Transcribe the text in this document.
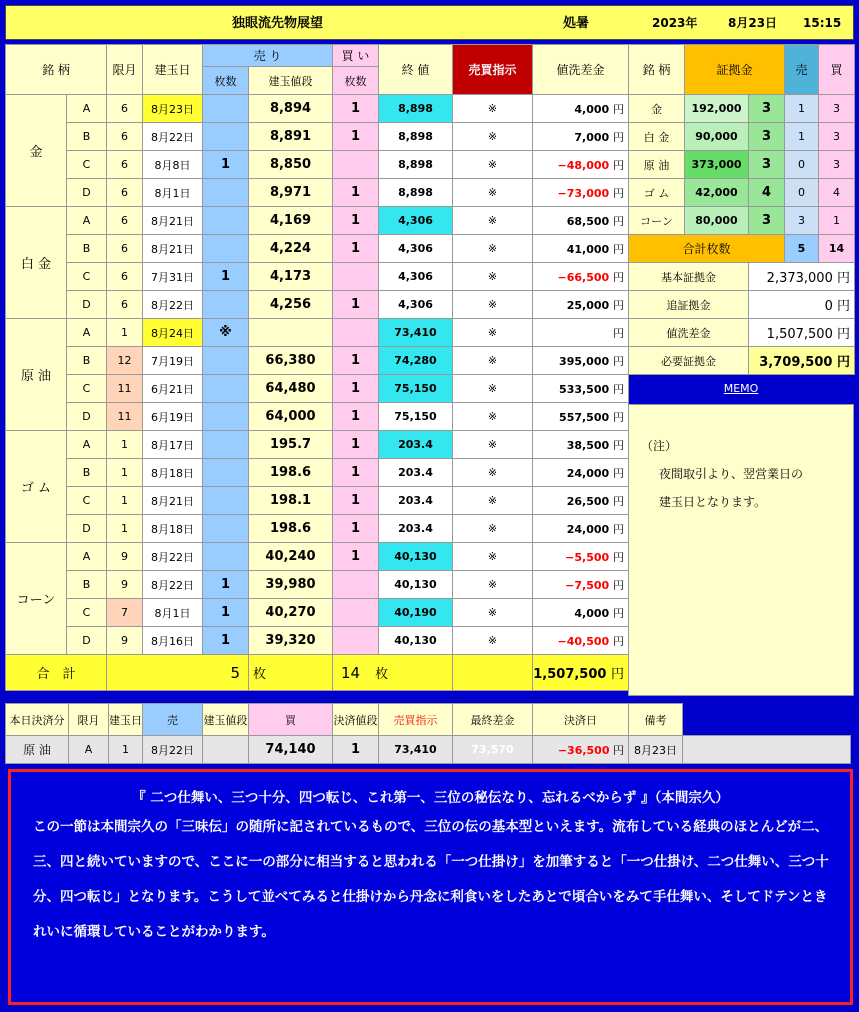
独眼流先物展望	処暑	2023年	8月23日	15:15
銘 柄		限月	建玉日	売 り		買 い	終 値	売買指示	値洗差金
				枚数	建玉値段	枚数			
金	A	6	8月23日		8,894	1	8,898	※	4,000 円
	B	6	8月22日		8,891	1	8,898	※	7,000 円
	C	6	8月8日	1	8,850		8,898	※	−48,000 円
	D	6	8月1日		8,971	1	8,898	※	−73,000 円
白 金	A	6	8月21日		4,169	1	4,306	※	68,500 円
	B	6	8月21日		4,224	1	4,306	※	41,000 円
	C	6	7月31日	1	4,173		4,306	※	−66,500 円
	D	6	8月22日		4,256	1	4,306	※	25,000 円
原 油	A	1	8月24日	※			73,410	※	円
	B	12	7月19日		66,380	1	74,280	※	395,000 円
	C	11	6月21日		64,480	1	75,150	※	533,500 円
	D	11	6月19日		64,000	1	75,150	※	557,500 円
ゴ ム	A	1	8月17日		195.7	1	203.4	※	38,500 円
	B	1	8月18日		198.6	1	203.4	※	24,000 円
	C	1	8月21日		198.1	1	203.4	※	26,500 円
	D	1	8月18日		198.6	1	203.4	※	24,000 円
コーン	A	9	8月22日		40,240	1	40,130	※	−5,500 円
	B	9	8月22日	1	39,980		40,130	※	−7,500 円
	C	7	8月1日	1	40,270		40,190	※	4,000 円
	D	9	8月16日	1	39,320		40,130	※	−40,500 円
合　計		5			枚	14　 枚			1,507,500 円
銘 柄	証拠金		売	買
金	192,000	3	1	3
白 金	90,000	3	1	3
原 油	373,000	3	0	3
ゴ ム	42,000	4	0	4
コーン	80,000	3	3	1
合計枚数			5	14
基本証拠金		2,373,000 円		
追証拠金		0 円		
値洗差金		1,507,500 円		
必要証拠金		3,709,500 円		
MEMO

（注）

夜間取引より、翌営業日の

建玉日となります。

本日決済分	限月	建玉日	売	建玉値段	買	決済値段	売買指示	最終差金	決済日	備考	
原 油	A	1	8月22日		74,140	1	73,410	73,570	−36,500 円	8月23日	
『 二つ仕舞い、三つ十分、四つ転じ、これ第一、三位の秘伝なり、忘れるべからず 』（本間宗久）
この一節は本間宗久の「三味伝」の随所に記されているもので、三位の伝の基本型といえます。流布している経典のほとんどが二、三、四と続いていますので、ここに一の部分に相当すると思われる「一つ仕掛け」を加筆すると「一つ仕掛け、二つ仕舞い、三つ十分、四つ転じ」となります。こうして並べてみると仕掛けから丹念に利食いをしたあとで頃合いをみて手仕舞い、そしてドテンときれいに循環していることがわかります。
